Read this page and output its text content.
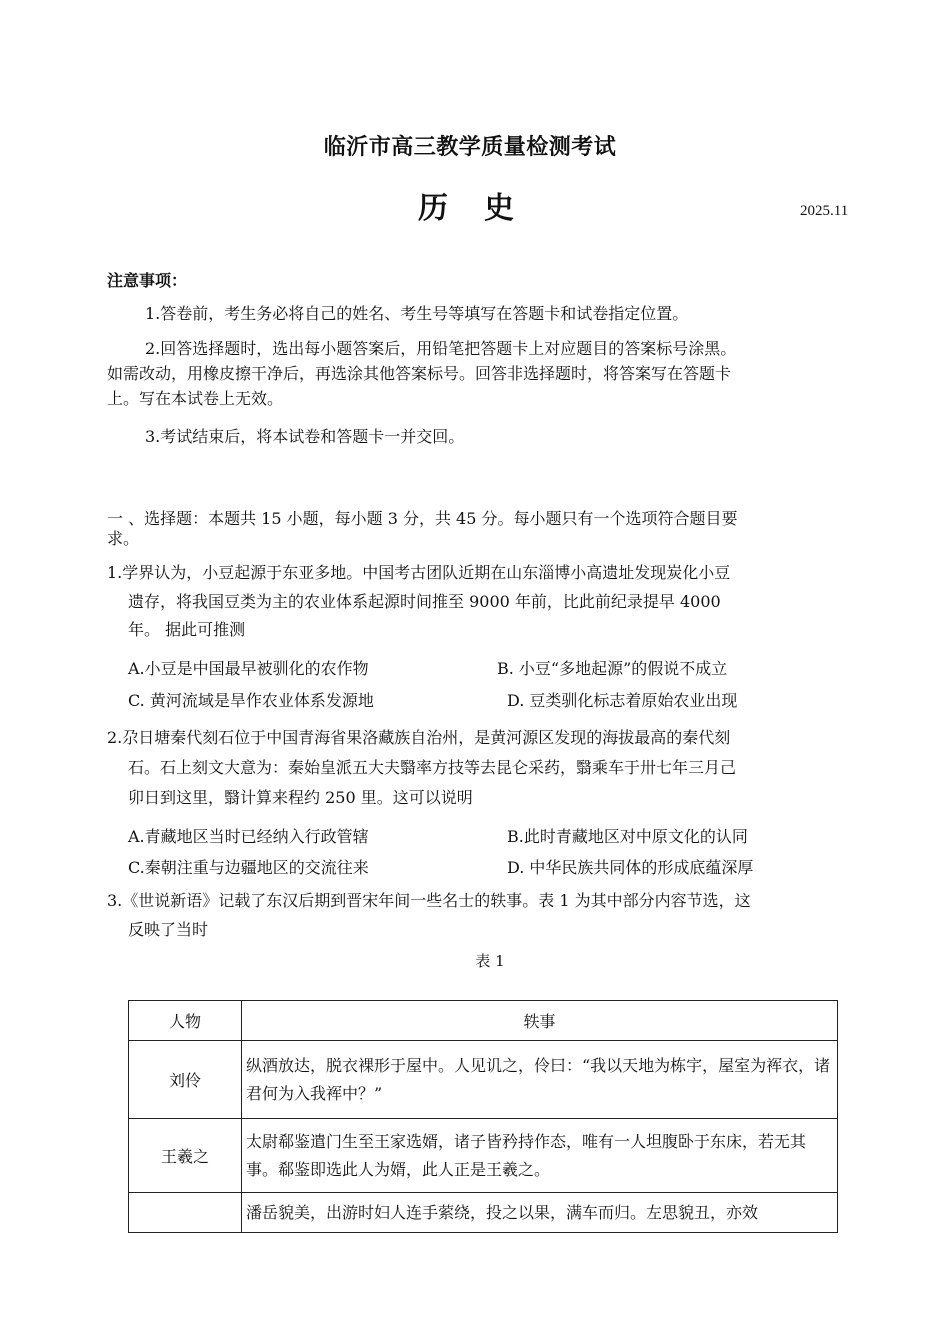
临沂市高三教学质量检测考试
历史	2025.11
注意事项：
1.答卷前，考生务必将自己的姓名、考生号等填写在答题卡和试卷指定位置。
2.回答选择题时，选出每小题答案后，用铅笔把答题卡上对应题目的答案标号涂黑。
如需改动，用橡皮擦干净后，再选涂其他答案标号。回答非选择题时，将答案写在答题卡
上。写在本试卷上无效。
3.考试结束后，将本试卷和答题卡一并交回。
一 、选择题：本题共 15 小题，每小题 3 分，共 45 分。每小题只有一个选项符合题目要
求。
1.学界认为，小豆起源于东亚多地。中国考古团队近期在山东淄博小高遗址发现炭化小豆
遗存，将我国豆类为主的农业体系起源时间推至 9000 年前，比此前纪录提早 4000
年。 据此可推测
A.小豆是中国最早被驯化的农作物	B. 小豆“多地起源”的假说不成立
C. 黄河流域是旱作农业体系发源地	D. 豆类驯化标志着原始农业出现
2.尕日塘秦代刻石位于中国青海省果洛藏族自治州，是黄河源区发现的海拔最高的秦代刻
石。石上刻文大意为：秦始皇派五大夫翳率方技等去昆仑采药，翳乘车于卅七年三月己
卯日到这里，翳计算来程约 250 里。这可以说明
A.青藏地区当时已经纳入行政管辖	B.此时青藏地区对中原文化的认同
C.秦朝注重与边疆地区的交流往来	D. 中华民族共同体的形成底蕴深厚
3.《世说新语》记载了东汉后期到晋宋年间一些名士的轶事。表 1 为其中部分内容节选，这
反映了当时
表 1
人物	轶事
刘伶	纵酒放达，脱衣裸形于屋中。人见讥之，伶曰：“我以天地为栋宇，屋室为裈衣，诸君何为入我裈中？”

王羲之	太尉郗鉴遣门生至王家选婿，诸子皆矜持作态，唯有一人坦腹卧于东床，若无其事。郗鉴即选此人为婿，此人正是王羲之。

	潘岳貌美，出游时妇人连手萦绕，投之以果，满车而归。左思貌丑，亦效
